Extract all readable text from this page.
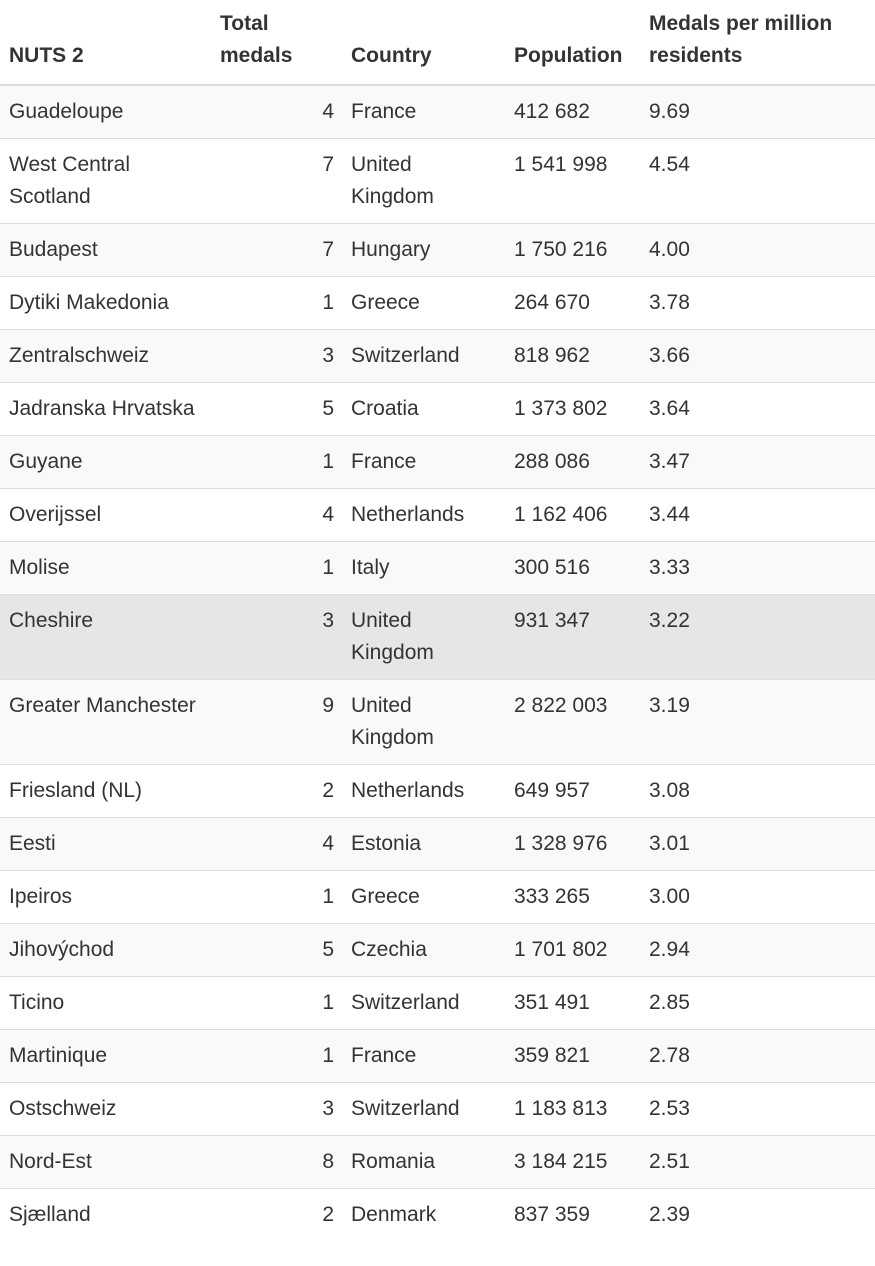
NUTS 2	Total medals	Country	Population	Medals per million residents
Guadeloupe	4	France	412 682	9.69
West Central Scotland	7	United Kingdom	1 541 998	4.54
Budapest	7	Hungary	1 750 216	4.00
Dytiki Makedonia	1	Greece	264 670	3.78
Zentralschweiz	3	Switzerland	818 962	3.66
Jadranska Hrvatska	5	Croatia	1 373 802	3.64
Guyane	1	France	288 086	3.47
Overijssel	4	Netherlands	1 162 406	3.44
Molise	1	Italy	300 516	3.33
Cheshire	3	United Kingdom	931 347	3.22
Greater Manchester	9	United Kingdom	2 822 003	3.19
Friesland (NL)	2	Netherlands	649 957	3.08
Eesti	4	Estonia	1 328 976	3.01
Ipeiros	1	Greece	333 265	3.00
Jihovýchod	5	Czechia	1 701 802	2.94
Ticino	1	Switzerland	351 491	2.85
Martinique	1	France	359 821	2.78
Ostschweiz	3	Switzerland	1 183 813	2.53
Nord-Est	8	Romania	3 184 215	2.51
Sjælland	2	Denmark	837 359	2.39
